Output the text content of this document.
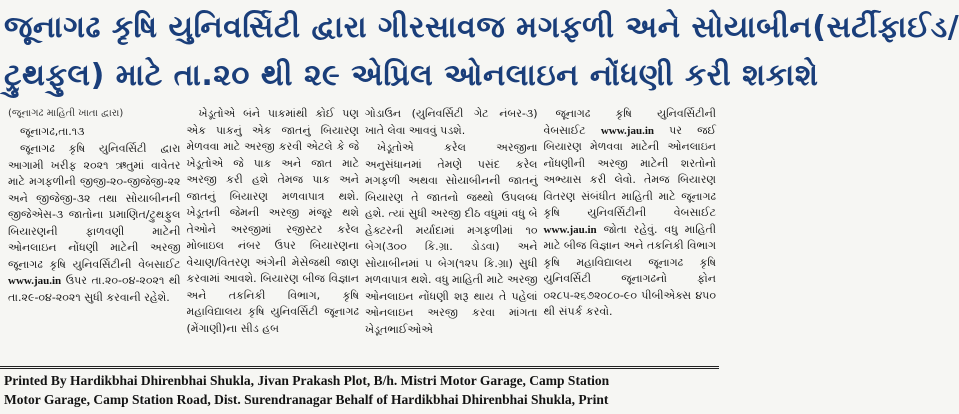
જૂનાગઢ કૃષિ યુનિવર્સિટી દ્વારા ગીરસાવજ મગફળી અને સોયાબીન(સર્ટીફાઈડ/
ટ્રુથફુલ) માટે તા.૨૦ થી ૨૯ એપ્રિલ ઓનલાઇન નોંધણી કરી શકાશે

(જૂનાગઢ માહિતી ખાતા દ્વારા)

જૂનાગઢ,તા.૧૩

જૂનાગઢ કૃષિ યુનિવર્સિટી દ્વારા આગામી ખરીફ ૨૦૨૧ ઋતુમાં વાવેતર માટે મગફળીની જીજી-૨૦-જીજેજી-૨૨ અને જીજેજી-૩૨ તથા સોયાબીનની જીજેએસ-૩ જાતોના પ્રમાણિત/ટ્રુથફુલ બિયારણની ફાળવણી માટેની ઓનલાઇન નોંધણી માટેની અરજી જૂનાગઢ કૃષિ યુનિવર્સિટીની વેબસાઈટ www.jau.in ઉપર તા.૨૦-૦૪-૨૦૨૧ થી તા.૨૯-૦૪-૨૦૨૧ સુધી કરવાની રહેશે.

ખેડૂતોએ બંને પાકમાંથી કોઈ પણ એક પાકનું એક જાતનું બિયારણ મેળવવા માટે અરજી કરવી એટલે કે જે ખેડૂતોએ જે પાક અને જાત માટે અરજી કરી હશે તેમજ પાક અને જાતનું બિયારણ મળવાપાત્ર થશે. ખેડૂતની જેમની અરજી મંજૂર થશે તેઓને અરજીમાં રજીસ્ટર કરેલ મોબાઇલ નંબર ઉપર બિયારણના વેચાણ/વિતરણ અંગેની મેસેજથી જાણ કરવામાં આવશે. બિયારણ બીજ વિજ્ઞાન અને તકનિકી વિભાગ, કૃષિ મહાવિદ્યાલય કૃષિ યુનિવર્સિટી જૂનાગઢ (મેંગાણી)ના સીડ હબ

ગોડાઉન (યુનિવર્સિટી ગેટ નંબર-૩) ખાતે લેવા આવવું પડશે.

ખેડૂતોએ કરેલ અરજીના અનુસંધાનમાં તેમણે પસંદ કરેલ મગફળી અથવા સોયાબીનની જાતનું બિયારણ તે જાતનો જથ્થો ઉપલબ્ધ હશે. ત્યાં સુધી અરજી દીઠ વધુમાં વધુ બે હેક્ટરની મર્યાદામાં મગફળીમાં ૧૦ બેગ(૩૦૦ કિ.ગ્રા. ડોડવા) અને સોયાબીનમાં ૫ બેગ(૧૨૫ કિ.ગ્રા) સુધી મળવાપાત્ર થશે. વધુ માહિતી માટે અરજી ઓનલાઇન નોંધણી શરૂ થાય તે પહેલાં ઓનલાઇન અરજી કરવા માંગતા ખેડૂતભાઈઓએ

જૂનાગઢ કૃષિ યુનિવર્સિટીની વેબસાઈટ www.jau.in પર જઈ બિયારણ મેળવવા માટેની ઓનલાઇન નોંધણીની અરજી માટેની શરતોનો અભ્યાસ કરી લેવો. તેમજ બિયારણ વિતરણ સંબંધીત માહિતી માટે જૂનાગઢ કૃષિ યુનિવર્સિટીની વેબસાઈટ www.jau.in જોતા રહેવું. વધુ માહિતી માટે બીજ વિજ્ઞાન અને તકનિકી વિભાગ કૃષિ મહાવિદ્યાલય જૂનાગઢ કૃષિ યુનિવર્સિટી જૂનાગઢનો ફોન ૦૨૮૫-૨૬૭૨૦૮૦-૯૦ પીબીએક્સ ૪૫૦ થી સંપર્ક કરવો.

Printed By Hardikbhai Dhirenbhai Shukla, Jivan Prakash Plot, B/h. Mistri Motor Garage, Camp Station
Motor Garage, Camp Station Road, Dist. Surendranagar Behalf of Hardikbhai Dhirenbhai Shukla, Print
